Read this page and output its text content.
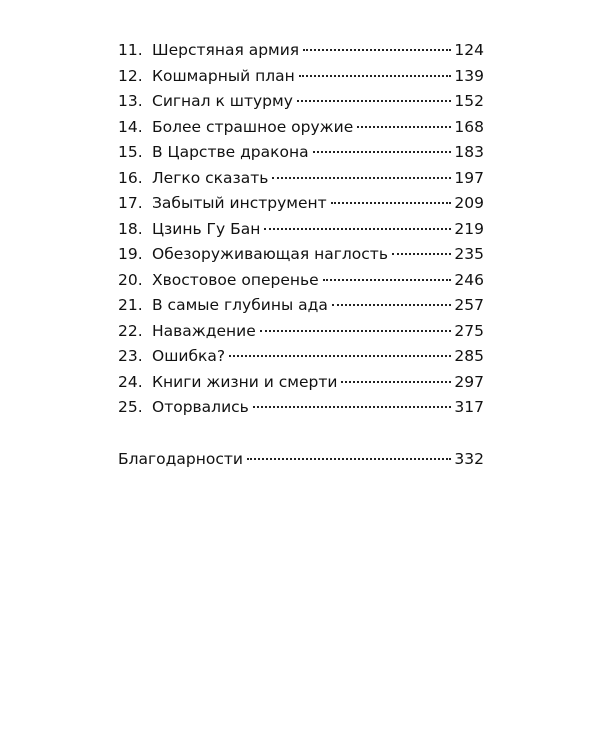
11. Шерстяная армия	124
12. Кошмарный план	139
13. Сигнал к штурму	152
14. Более страшное оружие	168
15. В Царстве дракона	183
16. Легко сказать	197
17. Забытый инструмент	209
18. Цзинь Гу Бан	219
19. Обезоруживающая наглость	235
20. Хвостовое оперенье	246
21. В самые глубины ада	257
22. Наваждение	275
23. Ошибка?	285
24. Книги жизни и смерти	297
25. Оторвались	317
Благодарности	332
